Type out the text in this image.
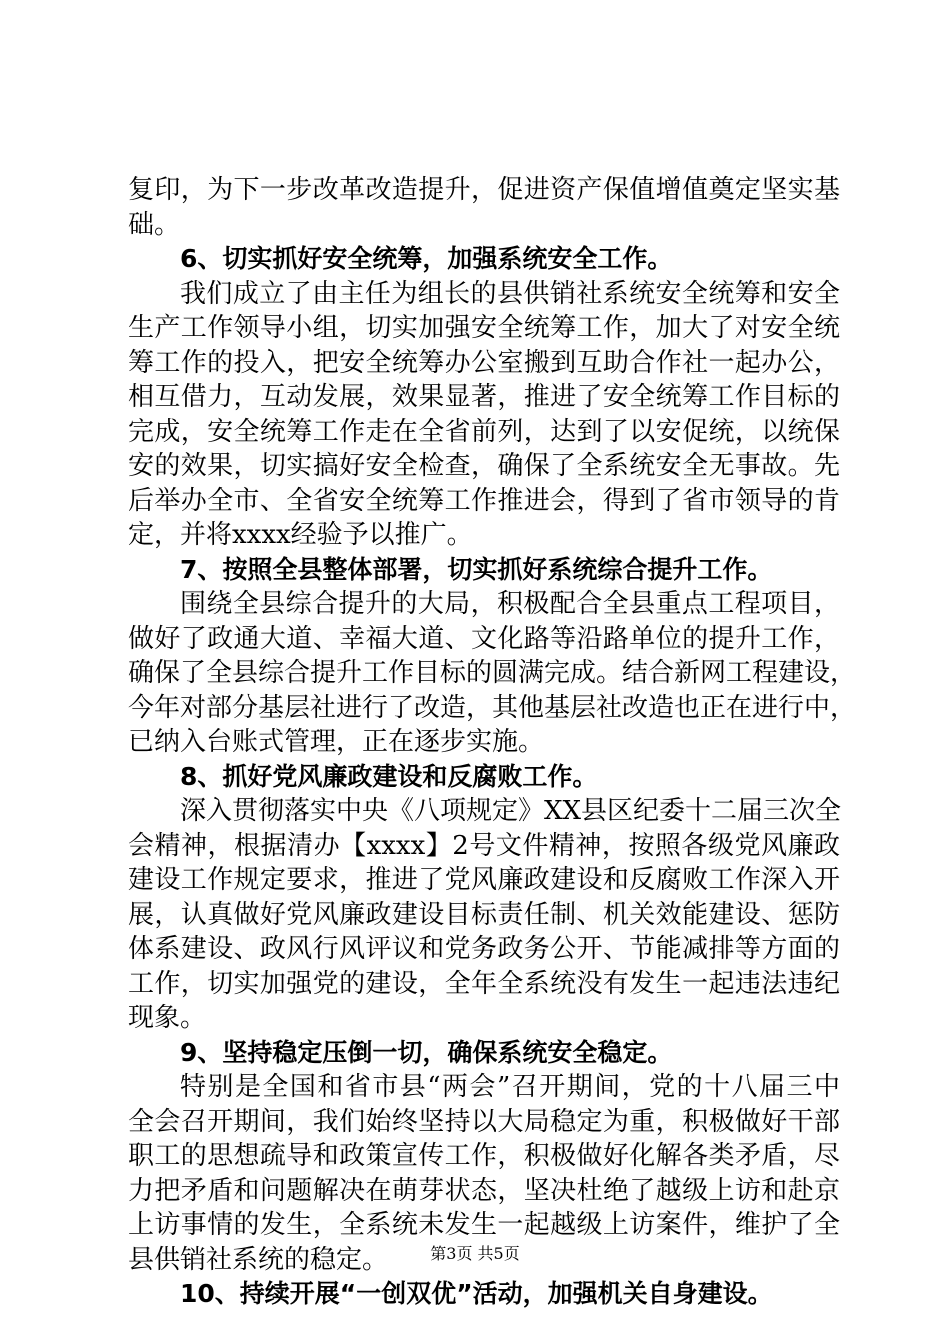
复印，为下一步改革改造提升，促进资产保值增值奠定坚实基
础。
6、切实抓好安全统筹，加强系统安全工作。
我们成立了由主任为组长的县供销社系统安全统筹和安全
生产工作领导小组，切实加强安全统筹工作，加大了对安全统
筹工作的投入，把安全统筹办公室搬到互助合作社一起办公，
相互借力，互动发展，效果显著，推进了安全统筹工作目标的
完成，安全统筹工作走在全省前列，达到了以安促统，以统保
安的效果，切实搞好安全检查，确保了全系统安全无事故。先
后举办全市、全省安全统筹工作推进会，得到了省市领导的肯
定，并将xxxx经验予以推广。
7、按照全县整体部署，切实抓好系统综合提升工作。
围绕全县综合提升的大局，积极配合全县重点工程项目，
做好了政通大道、幸福大道、文化路等沿路单位的提升工作，
确保了全县综合提升工作目标的圆满完成。结合新网工程建设，
今年对部分基层社进行了改造，其他基层社改造也正在进行中，
已纳入台账式管理，正在逐步实施。
8、抓好党风廉政建设和反腐败工作。
深入贯彻落实中央《八项规定》XX县区纪委十二届三次全
会精神，根据清办【xxxx】2号文件精神，按照各级党风廉政
建设工作规定要求，推进了党风廉政建设和反腐败工作深入开
展，认真做好党风廉政建设目标责任制、机关效能建设、惩防
体系建设、政风行风评议和党务政务公开、节能减排等方面的
工作，切实加强党的建设，全年全系统没有发生一起违法违纪
现象。
9、坚持稳定压倒一切，确保系统安全稳定。
特别是全国和省市县“两会”召开期间，党的十八届三中
全会召开期间，我们始终坚持以大局稳定为重，积极做好干部
职工的思想疏导和政策宣传工作，积极做好化解各类矛盾，尽
力把矛盾和问题解决在萌芽状态，坚决杜绝了越级上访和赴京
上访事情的发生，全系统未发生一起越级上访案件，维护了全
县供销社系统的稳定。
10、持续开展“一创双优”活动，加强机关自身建设。
第3页 共5页
